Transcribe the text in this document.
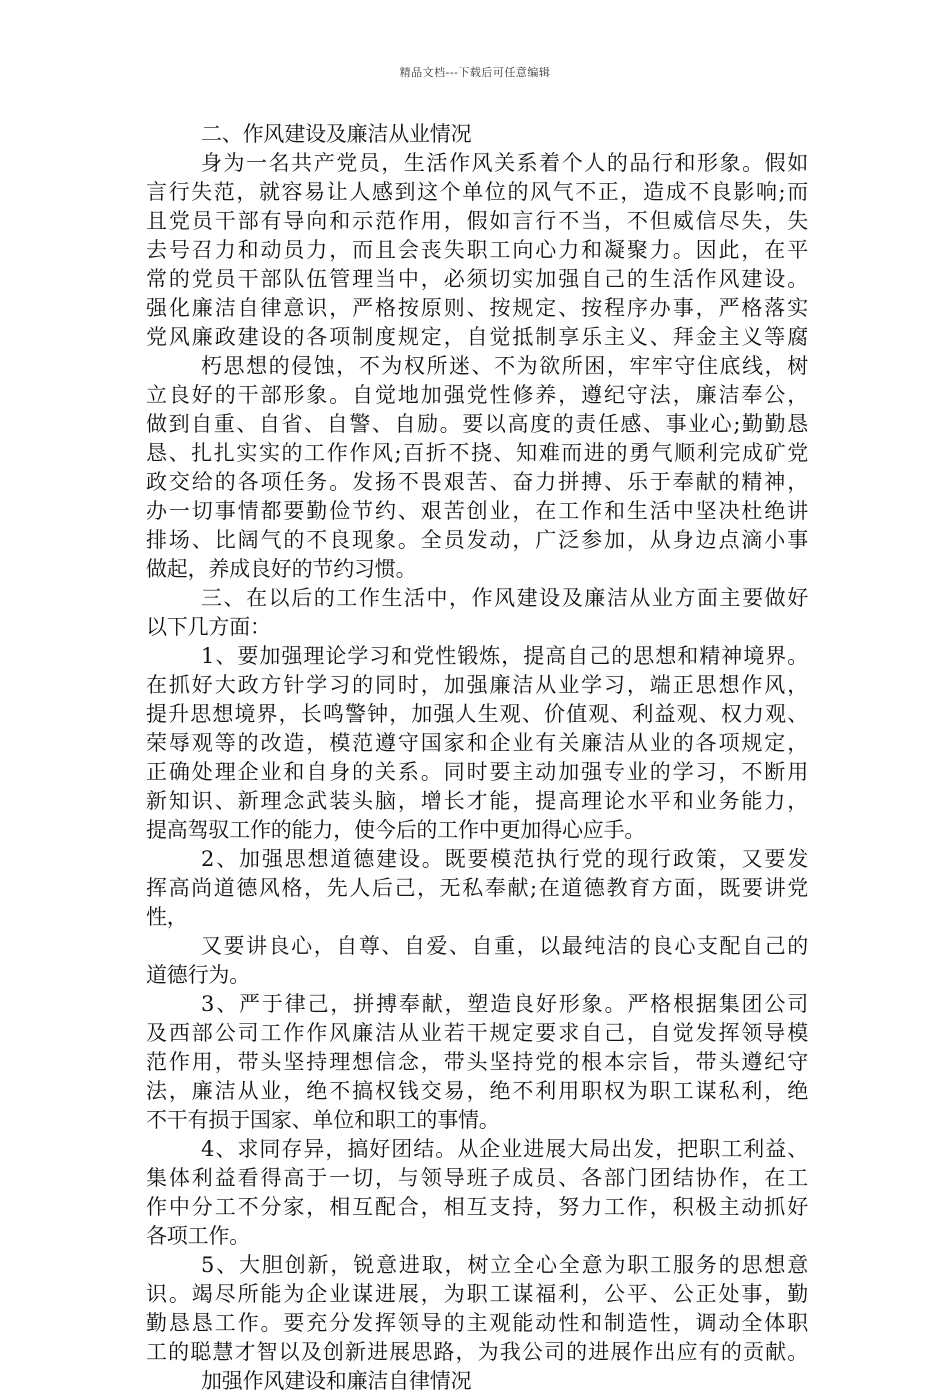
精品文档---下载后可任意编辑
二、作风建设及廉洁从业情况
身为一名共产党员，生活作风关系着个人的品行和形象。假如
言行失范，就容易让人感到这个单位的风气不正，造成不良影响;而
且党员干部有导向和示范作用，假如言行不当，不但威信尽失，失
去号召力和动员力，而且会丧失职工向心力和凝聚力。因此，在平
常的党员干部队伍管理当中，必须切实加强自己的生活作风建设。
强化廉洁自律意识，严格按原则、按规定、按程序办事，严格落实
党风廉政建设的各项制度规定，自觉抵制享乐主义、拜金主义等腐
朽思想的侵蚀，不为权所迷、不为欲所困，牢牢守住底线，树
立良好的干部形象。自觉地加强党性修养，遵纪守法，廉洁奉公，
做到自重、自省、自警、自励。要以高度的责任感、事业心;勤勤恳
恳、扎扎实实的工作作风;百折不挠、知难而进的勇气顺利完成矿党
政交给的各项任务。发扬不畏艰苦、奋力拼搏、乐于奉献的精神，
办一切事情都要勤俭节约、艰苦创业，在工作和生活中坚决杜绝讲
排场、比阔气的不良现象。全员发动，广泛参加，从身边点滴小事
做起，养成良好的节约习惯。
三、在以后的工作生活中，作风建设及廉洁从业方面主要做好
以下几方面：
1、要加强理论学习和党性锻炼，提高自己的思想和精神境界。
在抓好大政方针学习的同时，加强廉洁从业学习，端正思想作风，
提升思想境界，长鸣警钟，加强人生观、价值观、利益观、权力观、
荣辱观等的改造，模范遵守国家和企业有关廉洁从业的各项规定，
正确处理企业和自身的关系。同时要主动加强专业的学习，不断用
新知识、新理念武装头脑，增长才能，提高理论水平和业务能力，
提高驾驭工作的能力，使今后的工作中更加得心应手。
2、加强思想道德建设。既要模范执行党的现行政策，又要发
挥高尚道德风格，先人后己，无私奉献;在道德教育方面，既要讲党
性，
又要讲良心，自尊、自爱、自重，以最纯洁的良心支配自己的
道德行为。
3、严于律己，拼搏奉献，塑造良好形象。严格根据集团公司
及西部公司工作作风廉洁从业若干规定要求自己，自觉发挥领导模
范作用，带头坚持理想信念，带头坚持党的根本宗旨，带头遵纪守
法，廉洁从业，绝不搞权钱交易，绝不利用职权为职工谋私利，绝
不干有损于国家、单位和职工的事情。
4、求同存异，搞好团结。从企业进展大局出发，把职工利益、
集体利益看得高于一切，与领导班子成员、各部门团结协作，在工
作中分工不分家，相互配合，相互支持，努力工作，积极主动抓好
各项工作。
5、大胆创新，锐意进取，树立全心全意为职工服务的思想意
识。竭尽所能为企业谋进展，为职工谋福利，公平、公正处事，勤
勤恳恳工作。要充分发挥领导的主观能动性和制造性，调动全体职
工的聪慧才智以及创新进展思路，为我公司的进展作出应有的贡献。
加强作风建设和廉洁自律情况
